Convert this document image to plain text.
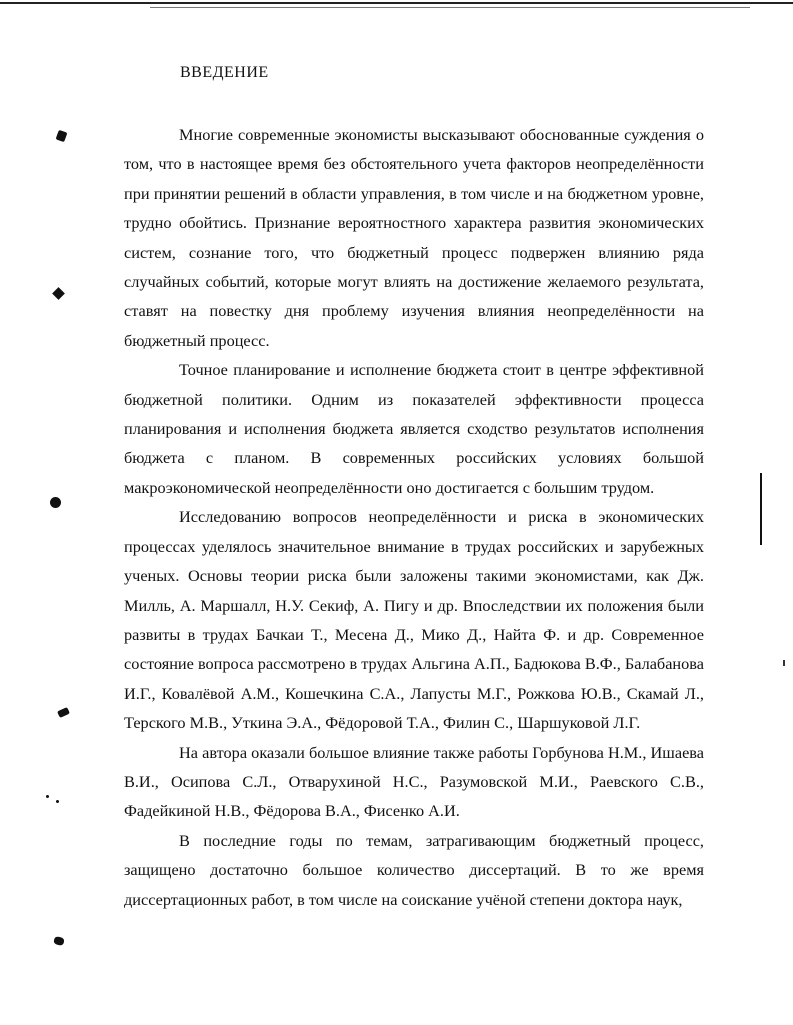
ВВЕДЕНИЕ

Многие современные экономисты высказывают обоснованные суждения о том, что в настоящее время без обстоятельного учета факторов неопределённости при принятии решений в области управления, в том числе и на бюджетном уровне, трудно обойтись. Признание вероятностного характера развития экономических систем, сознание того, что бюджетный процесс подвержен влиянию ряда случайных событий, которые могут влиять на достижение желаемого результата, ставят на повестку дня проблему изучения влияния неопределённости на бюджетный процесс.

Точное планирование и исполнение бюджета стоит в центре эффективной бюджетной политики. Одним из показателей эффективности процесса планирования и исполнения бюджета является сходство результатов исполнения бюджета с планом. В современных российских условиях большой макроэкономической неопределённости оно достигается с большим трудом.

Исследованию вопросов неопределённости и риска в экономических процессах уделялось значительное внимание в трудах российских и зарубежных ученых. Основы теории риска были заложены такими экономистами, как Дж. Милль, А. Маршалл, Н.У. Секиф, А. Пигу и др. Впоследствии их положения были развиты в трудах Бачкаи Т., Месена Д., Мико Д., Найта Ф. и др. Современное состояние вопроса рассмотрено в трудах Альгина А.П., Бадюкова В.Ф., Балабанова И.Г., Ковалёвой А.М., Кошечкина С.А., Лапусты М.Г., Рожкова Ю.В., Скамай Л., Терского М.В., Уткина Э.А., Фёдоровой Т.А., Филин С., Шаршуковой Л.Г.

На автора оказали большое влияние также работы Горбунова Н.М., Ишаева В.И., Осипова С.Л., Отварухиной Н.С., Разумовской М.И., Раевского С.В., Фадейкиной Н.В., Фёдорова В.А., Фисенко А.И.

В последние годы по темам, затрагивающим бюджетный процесс, защищено достаточно большое количество диссертаций. В то же время диссертационных работ, в том числе на соискание учёной степени доктора наук,
